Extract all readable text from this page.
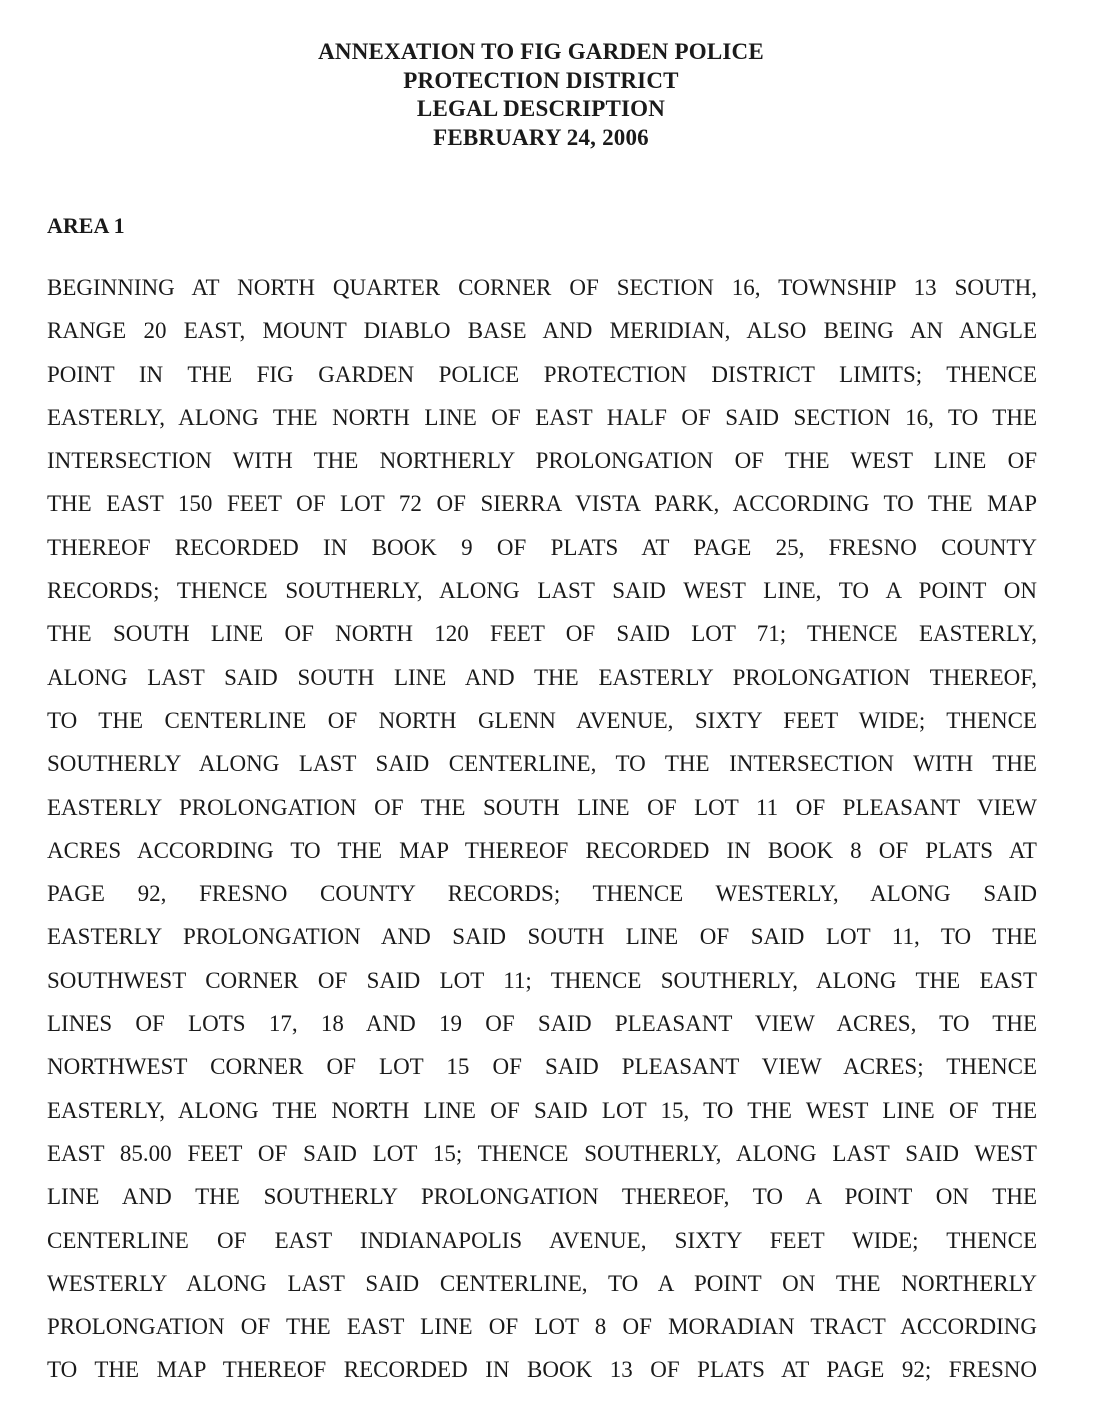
ANNEXATION TO FIG GARDEN POLICE
PROTECTION DISTRICT
LEGAL DESCRIPTION
FEBRUARY 24, 2006
AREA 1
BEGINNING AT NORTH QUARTER CORNER OF SECTION 16, TOWNSHIP 13 SOUTH,
RANGE 20 EAST, MOUNT DIABLO BASE AND MERIDIAN, ALSO BEING AN ANGLE
POINT IN THE FIG GARDEN POLICE PROTECTION DISTRICT LIMITS; THENCE
EASTERLY, ALONG THE NORTH LINE OF EAST HALF OF SAID SECTION 16, TO THE
INTERSECTION WITH THE NORTHERLY PROLONGATION OF THE WEST LINE OF
THE EAST 150 FEET OF LOT 72 OF SIERRA VISTA PARK, ACCORDING TO THE MAP
THEREOF RECORDED IN BOOK 9 OF PLATS AT PAGE 25, FRESNO COUNTY
RECORDS; THENCE SOUTHERLY, ALONG LAST SAID WEST LINE, TO A POINT ON
THE SOUTH LINE OF NORTH 120 FEET OF SAID LOT 71; THENCE EASTERLY,
ALONG LAST SAID SOUTH LINE AND THE EASTERLY PROLONGATION THEREOF,
TO THE CENTERLINE OF NORTH GLENN AVENUE, SIXTY FEET WIDE; THENCE
SOUTHERLY ALONG LAST SAID CENTERLINE, TO THE INTERSECTION WITH THE
EASTERLY PROLONGATION OF THE SOUTH LINE OF LOT 11 OF PLEASANT VIEW
ACRES ACCORDING TO THE MAP THEREOF RECORDED IN BOOK 8 OF PLATS AT
PAGE 92, FRESNO COUNTY RECORDS; THENCE WESTERLY, ALONG SAID
EASTERLY PROLONGATION AND SAID SOUTH LINE OF SAID LOT 11, TO THE
SOUTHWEST CORNER OF SAID LOT 11; THENCE SOUTHERLY, ALONG THE EAST
LINES OF LOTS 17, 18 AND 19 OF SAID PLEASANT VIEW ACRES, TO THE
NORTHWEST CORNER OF LOT 15 OF SAID PLEASANT VIEW ACRES; THENCE
EASTERLY, ALONG THE NORTH LINE OF SAID LOT 15, TO THE WEST LINE OF THE
EAST 85.00 FEET OF SAID LOT 15; THENCE SOUTHERLY, ALONG LAST SAID WEST
LINE AND THE SOUTHERLY PROLONGATION THEREOF, TO A POINT ON THE
CENTERLINE OF EAST INDIANAPOLIS AVENUE, SIXTY FEET WIDE; THENCE
WESTERLY ALONG LAST SAID CENTERLINE, TO A POINT ON THE NORTHERLY
PROLONGATION OF THE EAST LINE OF LOT 8 OF MORADIAN TRACT ACCORDING
TO THE MAP THEREOF RECORDED IN BOOK 13 OF PLATS AT PAGE 92; FRESNO
